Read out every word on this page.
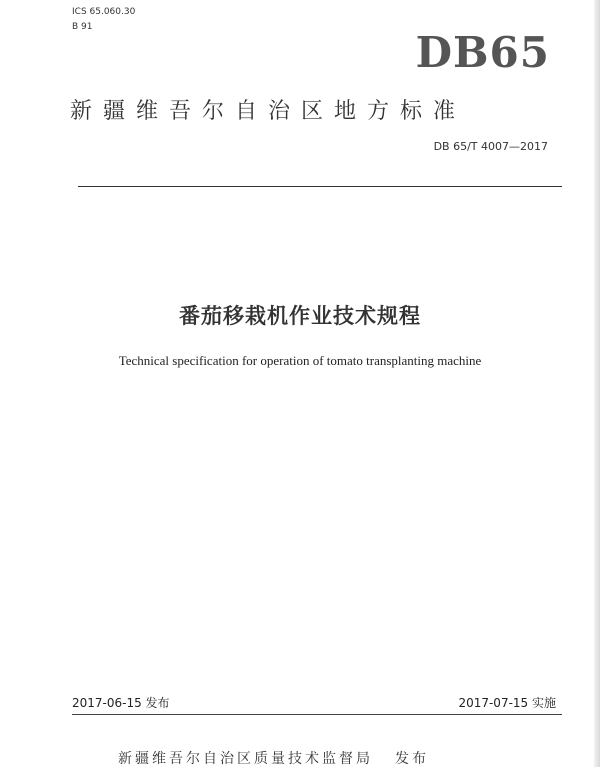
ICS 65.060.30
B 91
DB65
新疆维吾尔自治区地方标准
DB 65/T 4007—2017
番茄移栽机作业技术规程
Technical specification for operation of tomato transplanting machine
2017-06-15 发布	2017-07-15 实施
新疆维吾尔自治区质量技术监督局 发布
